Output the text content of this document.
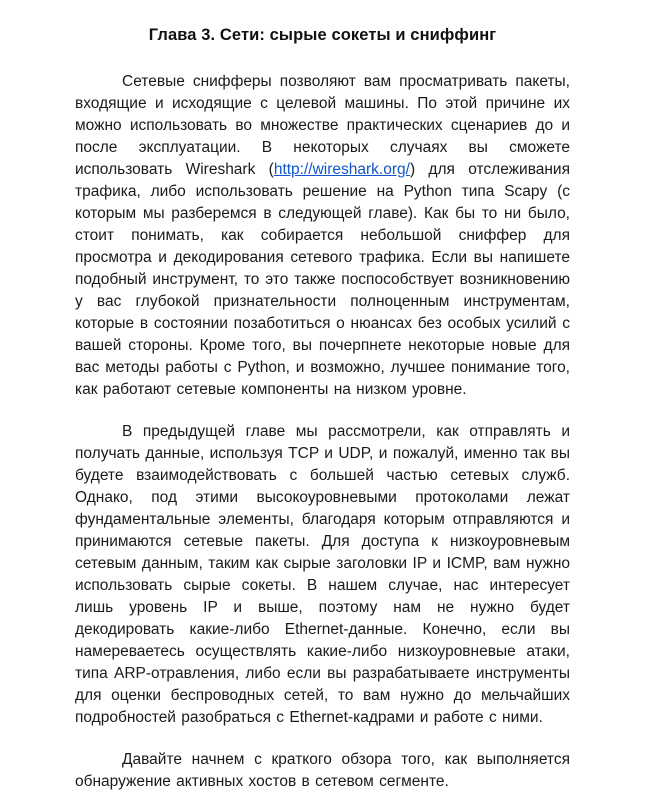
Глава 3. Сети: сырые сокеты и сниффинг

Сетевые снифферы позволяют вам просматривать пакеты, входящие и исходящие с целевой машины. По этой причине их можно использовать во множестве практических сценариев до и после эксплуатации. В некоторых случаях вы сможете использовать Wireshark (http://wireshark.org/) для отслеживания трафика, либо использовать решение на Python типа Scapy (с которым мы разберемся в следующей главе). Как бы то ни было, стоит понимать, как собирается небольшой сниффер для просмотра и декодирования сетевого трафика. Если вы напишете подобный инструмент, то это также поспособствует возникновению у вас глубокой признательности полноценным инструментам, которые в состоянии позаботиться о нюансах без особых усилий с вашей стороны. Кроме того, вы почерпнете некоторые новые для вас методы работы с Python, и возможно, лучшее понимание того, как работают сетевые компоненты на низком уровне.

В предыдущей главе мы рассмотрели, как отправлять и получать данные, используя TCP и UDP, и пожалуй, именно так вы будете взаимодействовать с большей частью сетевых служб. Однако, под этими высокоуровневыми протоколами лежат фундаментальные элементы, благодаря которым отправляются и принимаются сетевые пакеты. Для доступа к низкоуровневым сетевым данным, таким как сырые заголовки IP и ICMP, вам нужно использовать сырые сокеты. В нашем случае, нас интересует лишь уровень IP и выше, поэтому нам не нужно будет декодировать какие-либо Ethernet-данные. Конечно, если вы намереваетесь осуществлять какие-либо низкоуровневые атаки, типа ARP-отравления, либо если вы разрабатываете инструменты для оценки беспроводных сетей, то вам нужно до мельчайших подробностей разобраться с Ethernet-кадрами и работе с ними.

Давайте начнем с краткого обзора того, как выполняется обнаружение активных хостов в сетевом сегменте.
